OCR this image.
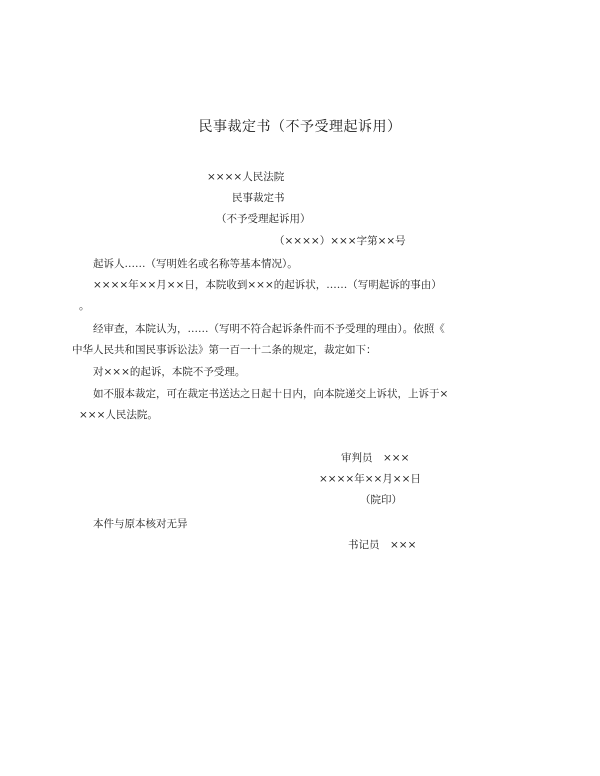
民事裁定书（不予受理起诉用）
××××人民法院
民事裁定书
（不予受理起诉用）
（××××）×××字第××号
起诉人……（写明姓名或名称等基本情况）。
××××年××月××日，本院收到×××的起诉状，……（写明起诉的事由）
。
经审查，本院认为，……（写明不符合起诉条件而不予受理的理由）。依照《
中华人民共和国民事诉讼法》第一百一十二条的规定，裁定如下：
对×××的起诉，本院不予受理。
如不服本裁定，可在裁定书送达之日起十日内，向本院递交上诉状，上诉于×
×××人民法院。
审判员　×××
××××年××月××日
（院印）
本件与原本核对无异
书记员　×××
